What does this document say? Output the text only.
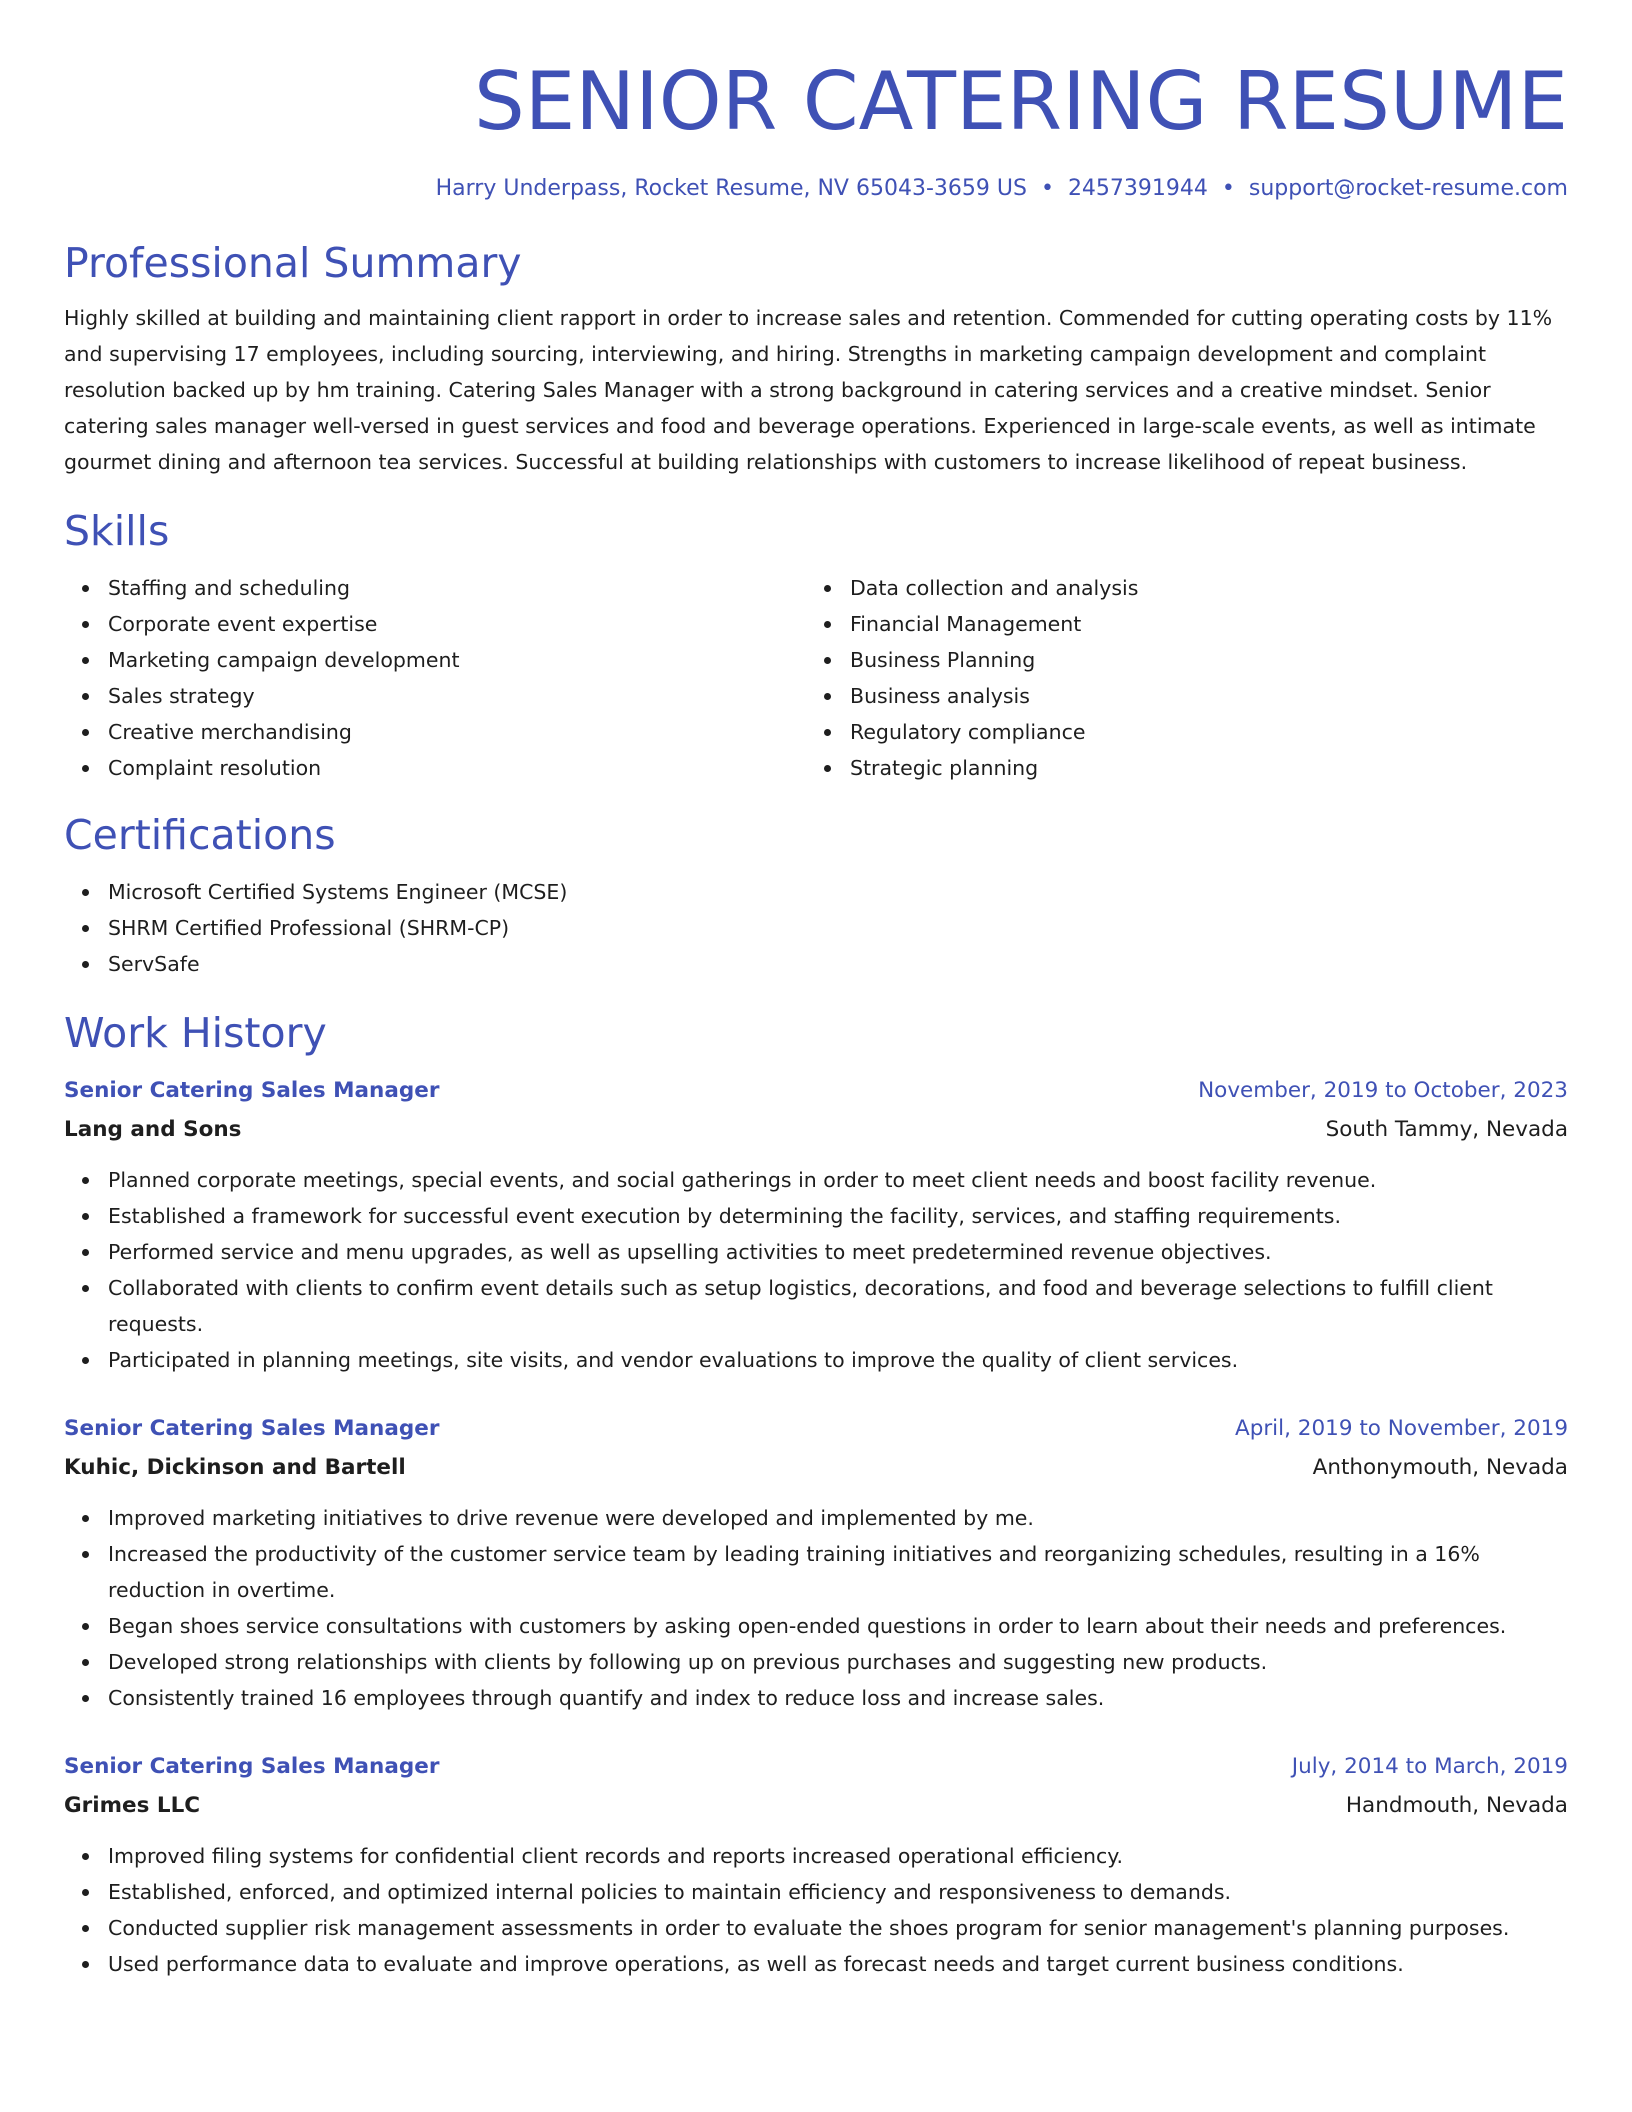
SENIOR CATERING RESUME
Harry Underpass, Rocket Resume, NV 65043-3659 US • 2457391944 • support@rocket-resume.com
Professional Summary

Highly skilled at building and maintaining client rapport in order to increase sales and retention. Commended for cutting operating costs by 11% and supervising 17 employees, including sourcing, interviewing, and hiring. Strengths in marketing campaign development and complaint resolution backed up by hm training. Catering Sales Manager with a strong background in catering services and a creative mindset. Senior catering sales manager well-versed in guest services and food and beverage operations. Experienced in large-scale events, as well as intimate gourmet dining and afternoon tea services. Successful at building relationships with customers to increase likelihood of repeat business.

Skills
Staffing and scheduling
Corporate event expertise
Marketing campaign development
Sales strategy
Creative merchandising
Complaint resolution
Data collection and analysis
Financial Management
Business Planning
Business analysis
Regulatory compliance
Strategic planning
Certifications
Microsoft Certified Systems Engineer (MCSE)
SHRM Certified Professional (SHRM-CP)
ServSafe
Work History
Senior Catering Sales Manager	November, 2019 to October, 2023
Lang and Sons	South Tammy, Nevada
Planned corporate meetings, special events, and social gatherings in order to meet client needs and boost facility revenue.
Established a framework for successful event execution by determining the facility, services, and staffing requirements.
Performed service and menu upgrades, as well as upselling activities to meet predetermined revenue objectives.
Collaborated with clients to confirm event details such as setup logistics, decorations, and food and beverage selections to fulfill client requests.
Participated in planning meetings, site visits, and vendor evaluations to improve the quality of client services.
Senior Catering Sales Manager	April, 2019 to November, 2019
Kuhic, Dickinson and Bartell	Anthonymouth, Nevada
Improved marketing initiatives to drive revenue were developed and implemented by me.
Increased the productivity of the customer service team by leading training initiatives and reorganizing schedules, resulting in a 16% reduction in overtime.
Began shoes service consultations with customers by asking open-ended questions in order to learn about their needs and preferences.
Developed strong relationships with clients by following up on previous purchases and suggesting new products.
Consistently trained 16 employees through quantify and index to reduce loss and increase sales.
Senior Catering Sales Manager	July, 2014 to March, 2019
Grimes LLC	Handmouth, Nevada
Improved filing systems for confidential client records and reports increased operational efficiency.
Established, enforced, and optimized internal policies to maintain efficiency and responsiveness to demands.
Conducted supplier risk management assessments in order to evaluate the shoes program for senior management's planning purposes.
Used performance data to evaluate and improve operations, as well as forecast needs and target current business conditions.
